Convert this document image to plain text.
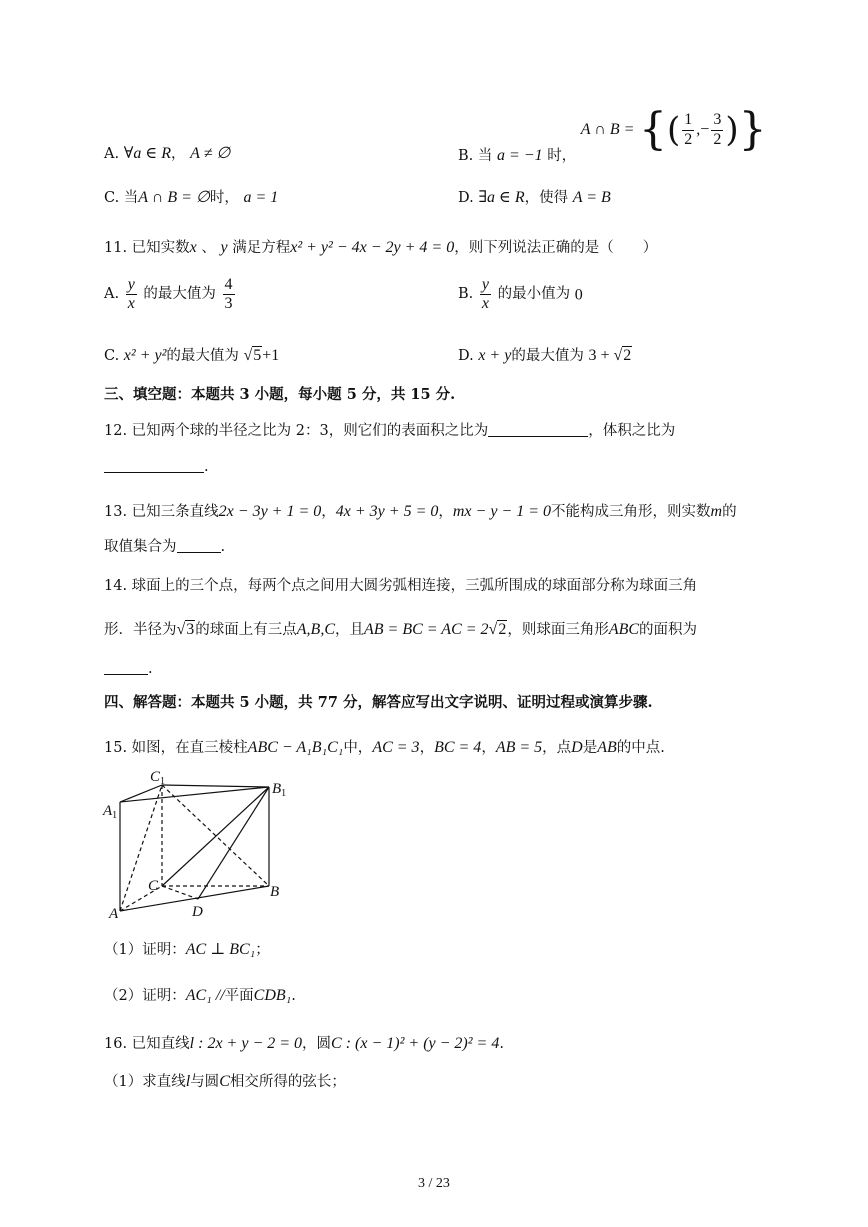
A. ∀a ∈ R， A ≠ ∅	B. 当 a = −1 时， A ∩ B = {( $\frac{1}{2}$ ,− $\frac{3}{2}$ )}
C. 当A ∩ B = ∅时， a = 1	D. ∃a ∈ R，使得 A = B
11. 已知实数x 、 y 满足方程x² + y² − 4x − 2y + 4 = 0，则下列说法正确的是（　　）
A. $\frac{y}{x}$ 的最大值为 $\frac{4}{3}$	B. $\frac{y}{x}$ 的最小值为 0
C. x² + y²的最大值为 √5+1	D. x + y的最大值为 3 + √2
三、填空题：本题共 3 小题，每小题 5 分，共 15 分.
12. 已知两个球的半径之比为 2：3，则它们的表面积之比为	，体积之比为
.
13. 已知三条直线2x − 3y + 1 = 0，4x + 3y + 5 = 0，mx − y − 1 = 0不能构成三角形，则实数m的
取值集合为	.
14. 球面上的三个点，每两个点之间用大圆劣弧相连接，三弧所围成的球面部分称为球面三角
形．半径为√3的球面上有三点A,B,C，且AB = BC = AC = 2√2，则球面三角形ABC的面积为
.
四、解答题：本题共 5 小题，共 77 分，解答应写出文字说明、证明过程或演算步骤.
15. 如图，在直三棱柱ABC − A₁B₁C₁中，AC = 3，BC = 4，AB = 5，点D是AB的中点.
$C_1$	$B_1$
$A_1$
C	B
A	D
（1）证明：AC ⊥ BC₁；
（2）证明：AC₁ //平面CDB₁.
16. 已知直线l : 2x + y − 2 = 0，圆C : (x − 1)² + (y − 2)² = 4.
（1）求直线l与圆C相交所得的弦长；
3 / 23
